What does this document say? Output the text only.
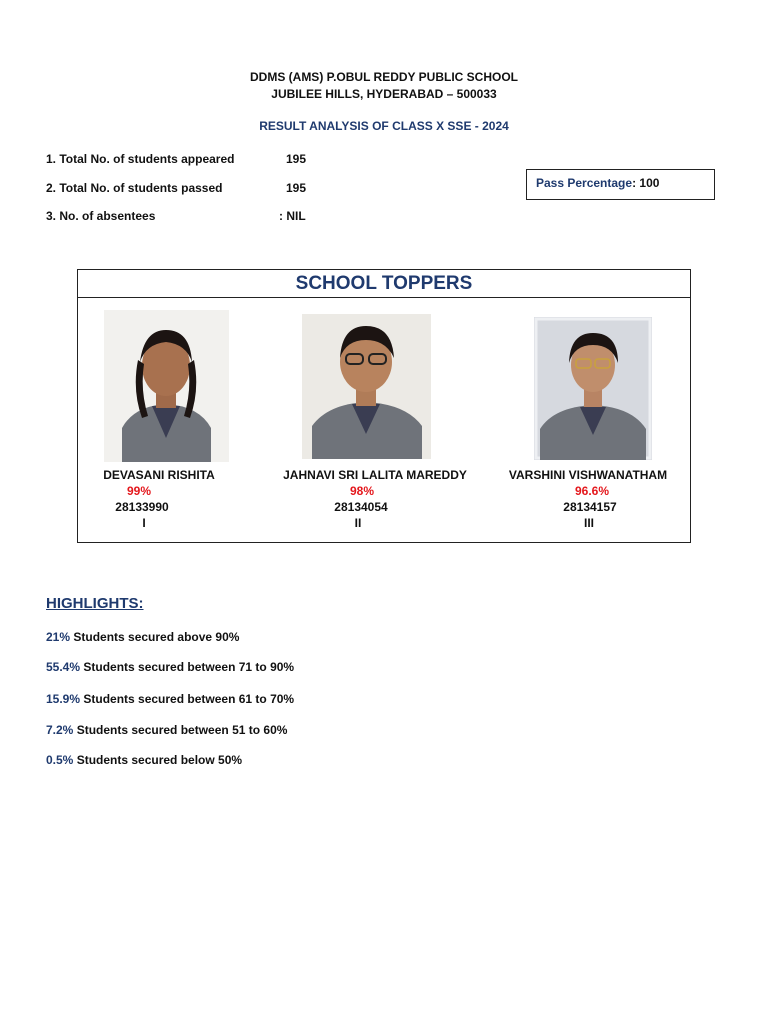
DDMS (AMS) P.OBUL REDDY PUBLIC SCHOOL
JUBILEE HILLS, HYDERABAD – 500033
RESULT ANALYSIS OF CLASS X SSE - 2024
1. Total No. of students appeared	195
2. Total No. of students passed	195
3. No. of absentees	: NIL
Pass Percentage: 100
SCHOOL TOPPERS
DEVASANI RISHITA
99%
28133990
I
JAHNAVI SRI LALITA MAREDDY
98%
28134054
II
VARSHINI VISHWANATHAM
96.6%
28134157
III
HIGHLIGHTS:
21% Students secured above 90%
55.4% Students secured between 71 to 90%
15.9% Students secured between 61 to 70%
7.2% Students secured between 51 to 60%
0.5% Students secured below 50%
